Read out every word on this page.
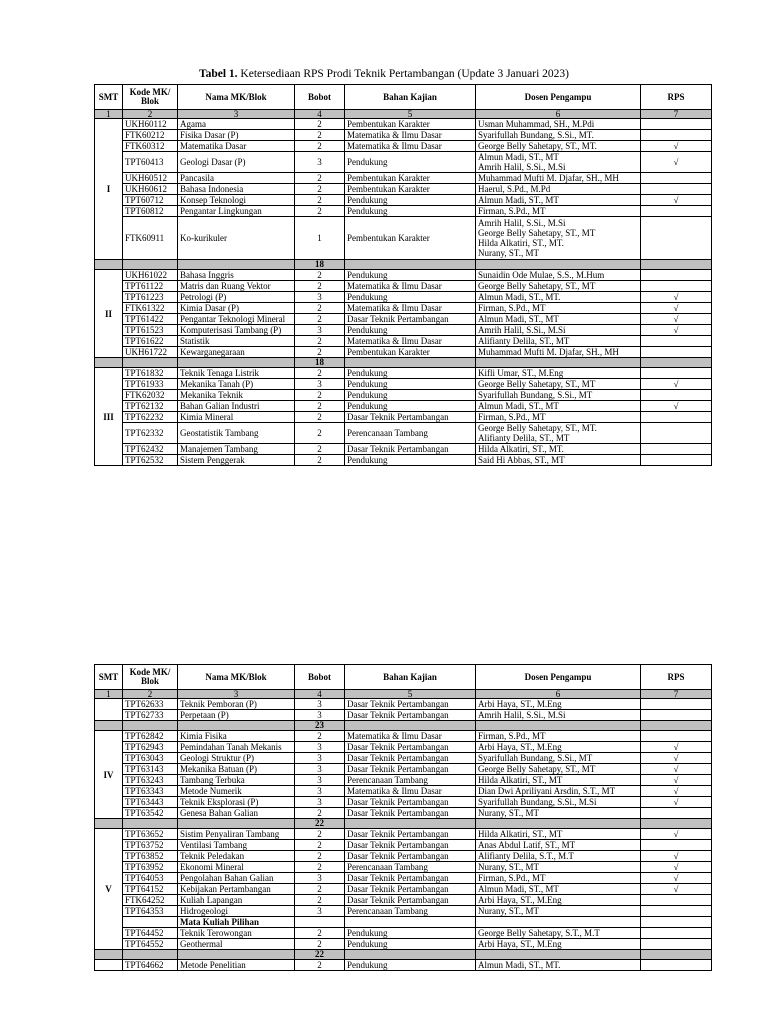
Tabel 1. Ketersediaan RPS Prodi Teknik Pertambangan (Update 3 Januari 2023)
SMT	Kode MK/ Blok	Nama MK/Blok	Bobot	Bahan Kajian	Dosen Pengampu	RPS
1	2	3	4	5	6	7
I	UKH60112	Agama	2	Pembentukan Karakter	Usman Muhammad, SH., M.Pdi	

	FTK60212	Fisika Dasar (P)	2	Matematika & Ilmu Dasar	Syarifullah Bundang, S.Si., MT.	

	FTK60312	Matematika Dasar	2	Matematika & Ilmu Dasar	George Belly Sahetapy, ST., MT.	√
	TPT60413	Geologi Dasar (P)	3	Pendukung	Almun Madi, ST., MT
Amrih Halil, S.Si., M.Si	√
	UKH60512	Pancasila	2	Pembentukan Karakter	Muhammad Mufti M. Djafar, SH., MH	

	UKH60612	Bahasa Indonesia	2	Pembentukan Karakter	Haerul, S.Pd., M.Pd	

	TPT60712	Konsep Teknologi	2	Pendukung	Almun Madi, ST., MT	√
	TPT60812	Pengantar Lingkungan	2	Pendukung	Firman, S.Pd., MT	

	FTK60911	Ko-kurikuler	1	Pembentukan Karakter	Amrih Halil, S.Si., M.Si
George Belly Sahetapy, ST., MT
Hilda Alkatiri, ST., MT.
Nurany, ST., MT	

			18			
II	UKH61022	Bahasa Inggris	2	Pendukung	Sunaidin Ode Mulae, S.S., M.Hum	

	TPT61122	Matris dan Ruang Vektor	2	Matematika & Ilmu Dasar	George Belly Sahetapy, ST., MT	

	TPT61223	Petrologi (P)	3	Pendukung	Almun Madi, ST., MT.	√
	FTK61322	Kimia Dasar (P)	2	Matematika & Ilmu Dasar	Firman, S.Pd., MT	√
	TPT61422	Pengantar Teknologi Mineral	2	Dasar Teknik Pertambangan	Almun Madi, ST., MT	√
	TPT61523	Komputerisasi Tambang (P)	3	Pendukung	Amrih Halil, S.Si., M.Si	√
	TPT61622	Statistik	2	Matematika & Ilmu Dasar	Alifianty Delila, ST., MT	

	UKH61722	Kewarganegaraan	2	Pembentukan Karakter	Muhammad Mufti M. Djafar, SH., MH	

			18			
III	TPT61832	Teknik Tenaga Listrik	2	Pendukung	Kifli Umar, ST., M.Eng	

	TPT61933	Mekanika Tanah (P)	3	Pendukung	George Belly Sahetapy, ST., MT	√
	FTK62032	Mekanika Teknik	2	Pendukung	Syarifullah Bundang, S.Si., MT	

	TPT62132	Bahan Galian Industri	2	Pendukung	Almun Madi, ST., MT	√
	TPT62232	Kimia Mineral	2	Dasar Teknik Pertambangan	Firman, S.Pd., MT	

	TPT62332	Geostatistik Tambang	2	Perencanaan Tambang	George Belly Sahetapy, ST., MT.
Alifianty Delila, ST., MT	

	TPT62432	Manajemen Tambang	2	Dasar Teknik Pertambangan	Hilda Alkatiri, ST., MT.	

	TPT62532	Sistem Penggerak	2	Pendukung	Said Hi Abbas, ST., MT	

SMT	Kode MK/ Blok	Nama MK/Blok	Bobot	Bahan Kajian	Dosen Pengampu	RPS
1	2	3	4	5	6	7
	TPT62633	Teknik Pemboran (P)	3	Dasar Teknik Pertambangan	Arbi Haya, ST., M.Eng	

	TPT62733	Perpetaan (P)	3	Dasar Teknik Pertambangan	Amrih Halil, S.Si., M.Si	

			23			
IV	TPT62842	Kimia Fisika	2	Matematika & Ilmu Dasar	Firman, S.Pd., MT	

	TPT62943	Pemindahan Tanah Mekanis	3	Dasar Teknik Pertambangan	Arbi Haya, ST., M.Eng	√
	TPT63043	Geologi Struktur (P)	3	Dasar Teknik Pertambangan	Syarifullah Bundang, S.Si., MT	√
	TPT63143	Mekanika Batuan (P)	3	Dasar Teknik Pertambangan	George Belly Sahetapy, ST., MT	√
	TPT63243	Tambang Terbuka	3	Perencanaan Tambang	Hilda Alkatiri, ST., MT	√
	TPT63343	Metode Numerik	3	Matematika & Ilmu Dasar	Dian Dwi Apriliyani Arsdin, S.T., MT	√
	TPT63443	Teknik Eksplorasi (P)	3	Dasar Teknik Pertambangan	Syarifullah Bundang, S.Si., M.Si	√
	TPT63542	Genesa Bahan Galian	2	Dasar Teknik Pertambangan	Nurany, ST., MT	

			22			
V	TPT63652	Sistim Penyaliran Tambang	2	Dasar Teknik Pertambangan	Hilda Alkatiri, ST., MT	√
	TPT63752	Ventilasi Tambang	2	Dasar Teknik Pertambangan	Anas Abdul Latif, ST., MT	

	TPT63852	Teknik Peledakan	2	Dasar Teknik Pertambangan	Alifianty Delila, S.T., M.T	√
	TPT63952	Ekonomi Mineral	2	Perencanaan Tambang	Nurany, ST., MT	√
	TPT64053	Pengolahan Bahan Galian	3	Dasar Teknik Pertambangan	Firman, S.Pd., MT	√
	TPT64152	Kebijakan Pertambangan	2	Dasar Teknik Pertambangan	Almun Madi, ST., MT	√
	FTK64252	Kuliah Lapangan	2	Dasar Teknik Pertambangan	Arbi Haya, ST., M.Eng	

	TPT64353	Hidrogeologi	3	Perencanaan Tambang	Nurany, ST., MT	

		Mata Kuliah Pilihan				
	TPT64452	Teknik Terowongan	2	Pendukung	George Belly Sahetapy, S.T., M.T	

	TPT64552	Geothermal	2	Pendukung	Arbi Haya, ST., M.Eng	

			22			
	TPT64662	Metode Penelitian	2	Pendukung	Almun Madi, ST., MT.	
